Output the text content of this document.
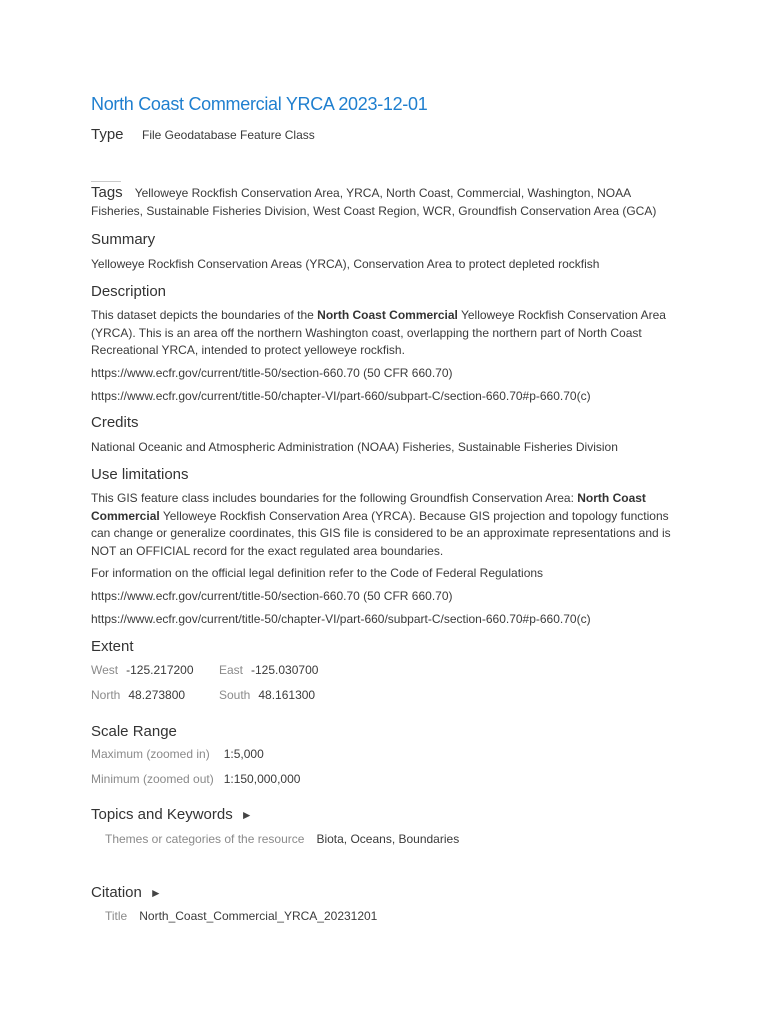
North Coast Commercial YRCA 2023-12-01
Type File Geodatabase Feature Class
Tags Yelloweye Rockfish Conservation Area, YRCA, North Coast, Commercial, Washington, NOAA Fisheries, Sustainable Fisheries Division, West Coast Region, WCR, Groundfish Conservation Area (GCA)
Summary
Yelloweye Rockfish Conservation Areas (YRCA), Conservation Area to protect depleted rockfish
Description
This dataset depicts the boundaries of the North Coast Commercial Yelloweye Rockfish Conservation Area (YRCA). This is an area off the northern Washington coast, overlapping the northern part of North Coast Recreational YRCA, intended to protect yelloweye rockfish.
https://www.ecfr.gov/current/title-50/section-660.70 (50 CFR 660.70)
https://www.ecfr.gov/current/title-50/chapter-VI/part-660/subpart-C/section-660.70#p-660.70(c)
Credits
National Oceanic and Atmospheric Administration (NOAA) Fisheries, Sustainable Fisheries Division
Use limitations
This GIS feature class includes boundaries for the following Groundfish Conservation Area: North Coast Commercial Yelloweye Rockfish Conservation Area (YRCA). Because GIS projection and topology functions can change or generalize coordinates, this GIS file is considered to be an approximate representations and is NOT an OFFICIAL record for the exact regulated area boundaries.
For information on the official legal definition refer to the Code of Federal Regulations
https://www.ecfr.gov/current/title-50/section-660.70 (50 CFR 660.70)
https://www.ecfr.gov/current/title-50/chapter-VI/part-660/subpart-C/section-660.70#p-660.70(c)
Extent
West -125.217200 East -125.030700
North 48.273800	South 48.161300
Scale Range
Maximum (zoomed in) 1:5,000
Minimum (zoomed out) 1:150,000,000
Topics and Keywords ►
Themes or categories of the resource Biota, Oceans, Boundaries
Citation ►
Title North_Coast_Commercial_YRCA_20231201
